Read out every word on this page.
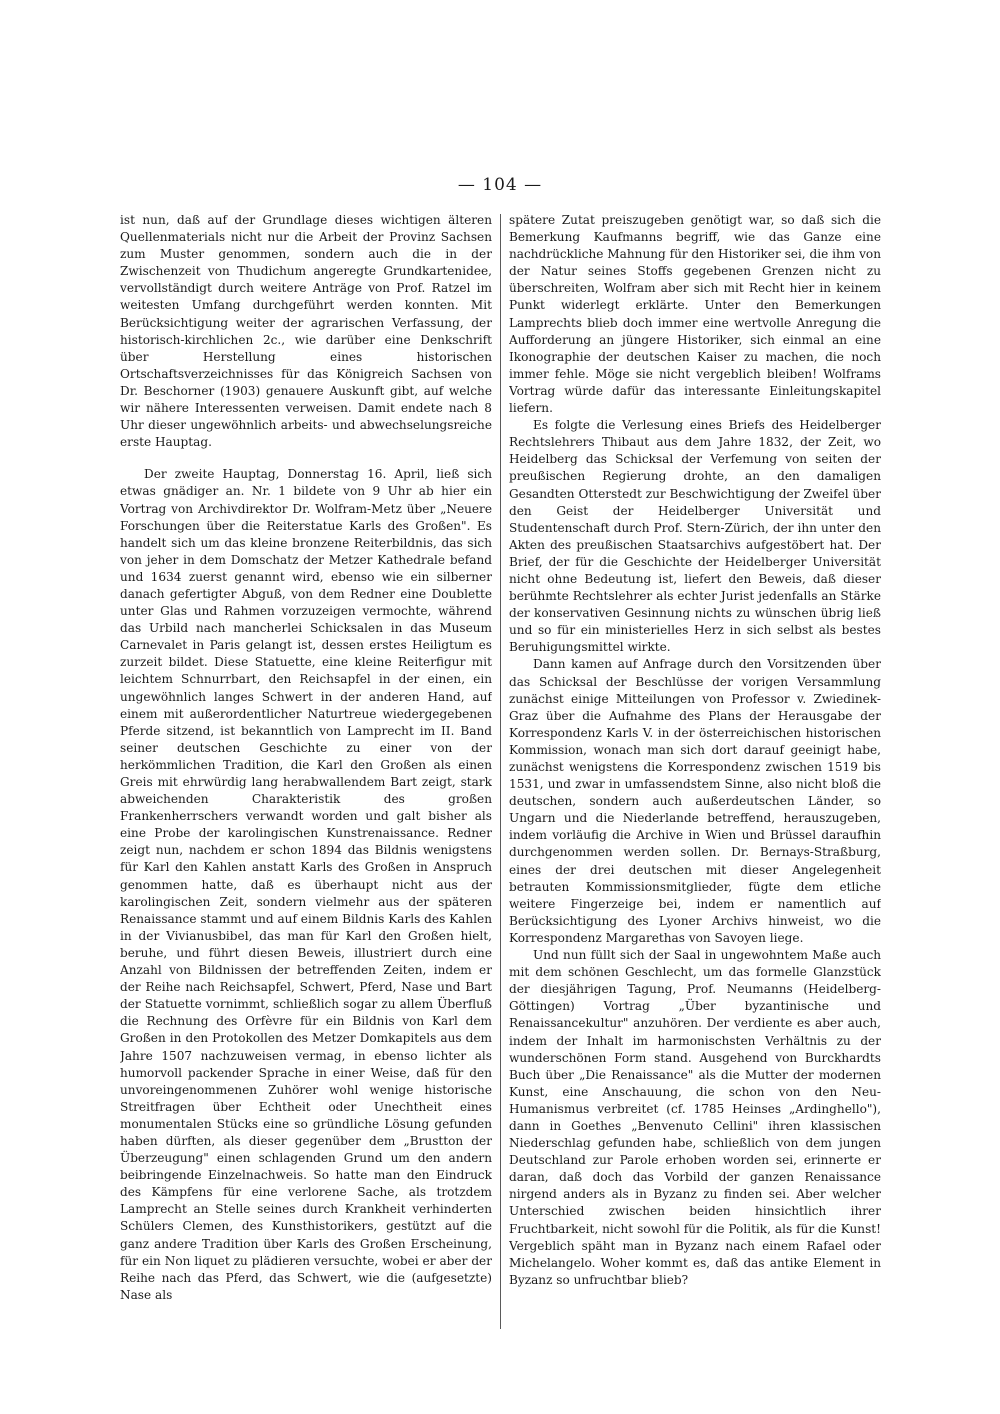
— 104 —

ist nun, daß auf der Grundlage dieses wichtigen älteren Quellenmaterials nicht nur die Arbeit der Provinz Sachsen zum Muster genommen, sondern auch die in der Zwischenzeit von Thudichum angeregte Grundkartenidee, vervollständigt durch weitere Anträge von Prof. Ratzel im weitesten Umfang durchgeführt werden konnten. Mit Berücksichtigung weiter der agrarischen Verfassung, der historisch-kirchlichen 2c., wie darüber eine Denkschrift über Herstellung eines historischen Ortschaftsverzeichnisses für das Königreich Sachsen von Dr. Beschorner (1903) genauere Auskunft gibt, auf welche wir nähere Interessenten verweisen. Damit endete nach 8 Uhr dieser ungewöhnlich arbeits- und abwechselungsreiche erste Hauptag.

Der zweite Hauptag, Donnerstag 16. April, ließ sich etwas gnädiger an. Nr. 1 bildete von 9 Uhr ab hier ein Vortrag von Archivdirektor Dr. Wolfram-Metz über „Neuere Forschungen über die Reiterstatue Karls des Großen". Es handelt sich um das kleine bronzene Reiterbildnis, das sich von jeher in dem Domschatz der Metzer Kathedrale befand und 1634 zuerst genannt wird, ebenso wie ein silberner danach gefertigter Abguß, von dem Redner eine Doublette unter Glas und Rahmen vorzuzeigen vermochte, während das Urbild nach mancherlei Schicksalen in das Museum Carnevalet in Paris gelangt ist, dessen erstes Heiligtum es zurzeit bildet. Diese Statuette, eine kleine Reiterfigur mit leichtem Schnurrbart, den Reichsapfel in der einen, ein ungewöhnlich langes Schwert in der anderen Hand, auf einem mit außerordentlicher Naturtreue wiedergegebenen Pferde sitzend, ist bekanntlich von Lamprecht im II. Band seiner deutschen Geschichte zu einer von der herkömmlichen Tradition, die Karl den Großen als einen Greis mit ehrwürdig lang herabwallendem Bart zeigt, stark abweichenden Charakteristik des großen Frankenherrschers verwandt worden und galt bisher als eine Probe der karolingischen Kunstrenaissance. Redner zeigt nun, nachdem er schon 1894 das Bildnis wenigstens für Karl den Kahlen anstatt Karls des Großen in Anspruch genommen hatte, daß es überhaupt nicht aus der karolingischen Zeit, sondern vielmehr aus der späteren Renaissance stammt und auf einem Bildnis Karls des Kahlen in der Vivianusbibel, das man für Karl den Großen hielt, beruhe, und führt diesen Beweis, illustriert durch eine Anzahl von Bildnissen der betreffenden Zeiten, indem er der Reihe nach Reichsapfel, Schwert, Pferd, Nase und Bart der Statuette vornimmt, schließlich sogar zu allem Überfluß die Rechnung des Orfèvre für ein Bildnis von Karl dem Großen in den Protokollen des Metzer Domkapitels aus dem Jahre 1507 nachzuweisen vermag, in ebenso lichter als humorvoll packender Sprache in einer Weise, daß für den unvoreingenommenen Zuhörer wohl wenige historische Streitfragen über Echtheit oder Unechtheit eines monumentalen Stücks eine so gründliche Lösung gefunden haben dürften, als dieser gegenüber dem „Brustton der Überzeugung" einen schlagenden Grund um den andern beibringende Einzelnachweis. So hatte man den Eindruck des Kämpfens für eine verlorene Sache, als trotzdem Lamprecht an Stelle seines durch Krankheit verhinderten Schülers Clemen, des Kunsthistorikers, gestützt auf die ganz andere Tradition über Karls des Großen Erscheinung, für ein Non liquet zu plädieren versuchte, wobei er aber der Reihe nach das Pferd, das Schwert, wie die (aufgesetzte) Nase als

spätere Zutat preiszugeben genötigt war, so daß sich die Bemerkung Kaufmanns begriff, wie das Ganze eine nachdrückliche Mahnung für den Historiker sei, die ihm von der Natur seines Stoffs gegebenen Grenzen nicht zu überschreiten, Wolfram aber sich mit Recht hier in keinem Punkt widerlegt erklärte. Unter den Bemerkungen Lamprechts blieb doch immer eine wertvolle Anregung die Aufforderung an jüngere Historiker, sich einmal an eine Ikonographie der deutschen Kaiser zu machen, die noch immer fehle. Möge sie nicht vergeblich bleiben! Wolframs Vortrag würde dafür das interessante Einleitungskapitel liefern.

Es folgte die Verlesung eines Briefs des Heidelberger Rechtslehrers Thibaut aus dem Jahre 1832, der Zeit, wo Heidelberg das Schicksal der Verfemung von seiten der preußischen Regierung drohte, an den damaligen Gesandten Otterstedt zur Beschwichtigung der Zweifel über den Geist der Heidelberger Universität und Studentenschaft durch Prof. Stern-Zürich, der ihn unter den Akten des preußischen Staatsarchivs aufgestöbert hat. Der Brief, der für die Geschichte der Heidelberger Universität nicht ohne Bedeutung ist, liefert den Beweis, daß dieser berühmte Rechtslehrer als echter Jurist jedenfalls an Stärke der konservativen Gesinnung nichts zu wünschen übrig ließ und so für ein ministerielles Herz in sich selbst als bestes Beruhigungsmittel wirkte.

Dann kamen auf Anfrage durch den Vorsitzenden über das Schicksal der Beschlüsse der vorigen Versammlung zunächst einige Mitteilungen von Professor v. Zwiedinek-Graz über die Aufnahme des Plans der Herausgabe der Korrespondenz Karls V. in der österreichischen historischen Kommission, wonach man sich dort darauf geeinigt habe, zunächst wenigstens die Korrespondenz zwischen 1519 bis 1531, und zwar in umfassendstem Sinne, also nicht bloß die deutschen, sondern auch außerdeutschen Länder, so Ungarn und die Niederlande betreffend, herauszugeben, indem vorläufig die Archive in Wien und Brüssel daraufhin durchgenommen werden sollen. Dr. Bernays-Straßburg, eines der drei deutschen mit dieser Angelegenheit betrauten Kommissionsmitglieder, fügte dem etliche weitere Fingerzeige bei, indem er namentlich auf Berücksichtigung des Lyoner Archivs hinweist, wo die Korrespondenz Margarethas von Savoyen liege.

Und nun füllt sich der Saal in ungewohntem Maße auch mit dem schönen Geschlecht, um das formelle Glanzstück der diesjährigen Tagung, Prof. Neumanns (Heidelberg-Göttingen) Vortrag „Über byzantinische und Renaissancekultur" anzuhören. Der verdiente es aber auch, indem der Inhalt im harmonischsten Verhältnis zu der wunderschönen Form stand. Ausgehend von Burckhardts Buch über „Die Renaissance" als die Mutter der modernen Kunst, eine Anschauung, die schon von den Neu-Humanismus verbreitet (cf. 1785 Heinses „Ardinghello"), dann in Goethes „Benvenuto Cellini" ihren klassischen Niederschlag gefunden habe, schließlich von dem jungen Deutschland zur Parole erhoben worden sei, erinnerte er daran, daß doch das Vorbild der ganzen Renaissance nirgend anders als in Byzanz zu finden sei. Aber welcher Unterschied zwischen beiden hinsichtlich ihrer Fruchtbarkeit, nicht sowohl für die Politik, als für die Kunst! Vergeblich späht man in Byzanz nach einem Rafael oder Michelangelo. Woher kommt es, daß das antike Element in Byzanz so unfruchtbar blieb?
